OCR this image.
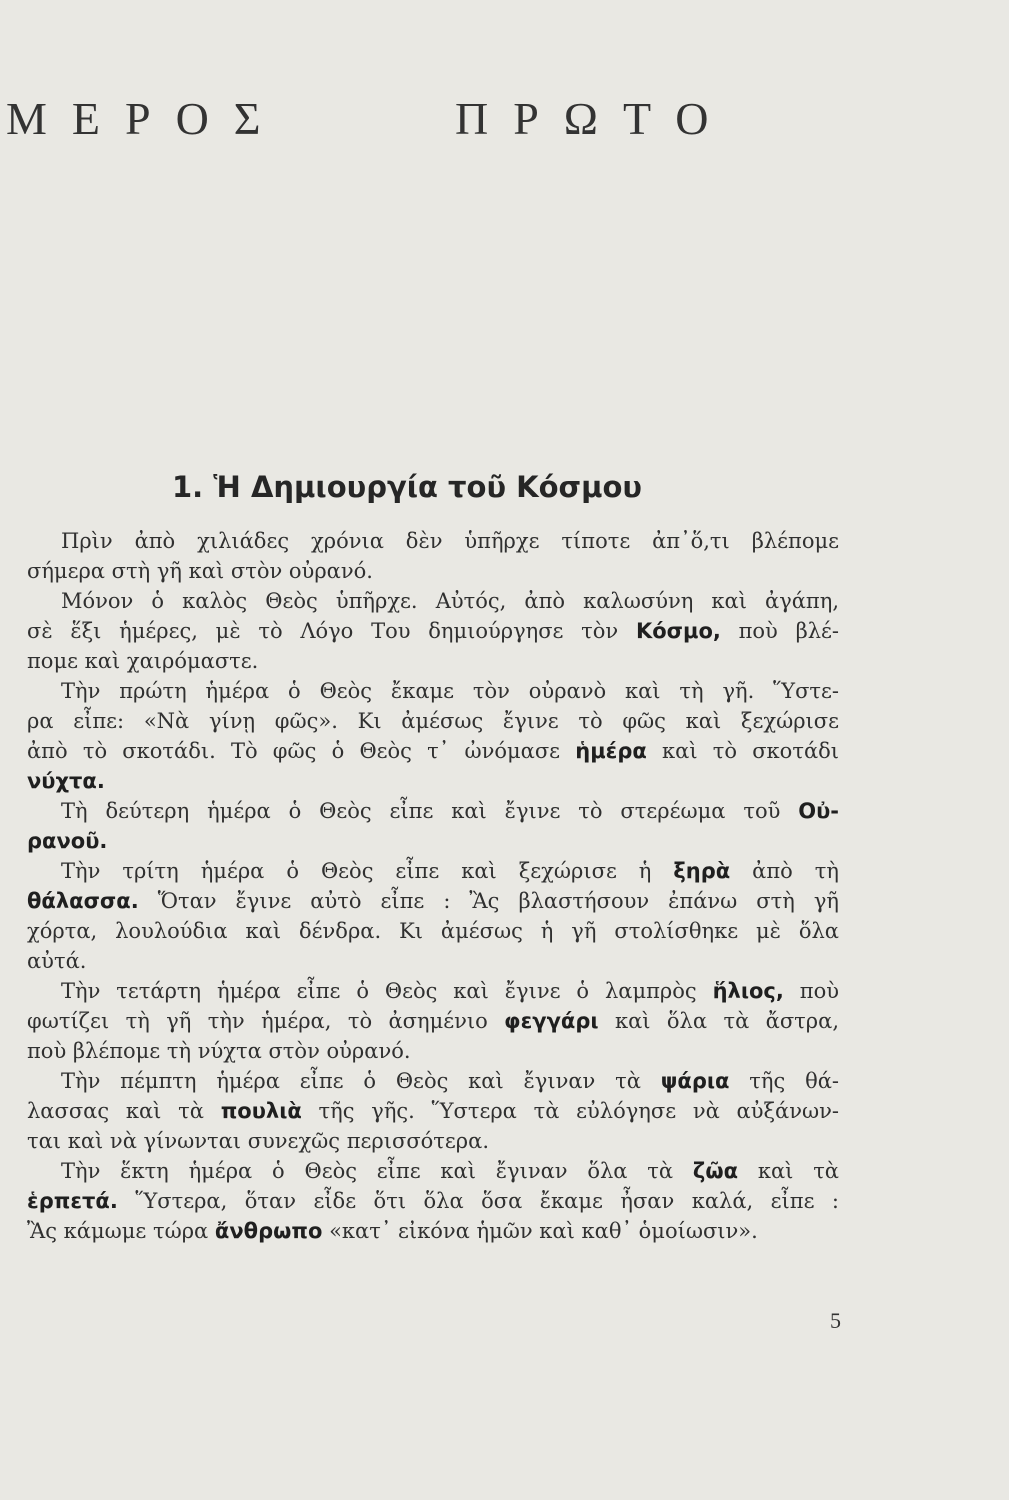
ΜΕΡΟΣ	ΠΡΩΤΟ
1. Ἡ Δημιουργία τοῦ Κόσμου
Πρὶν ἀπὸ χιλιάδες χρόνια δὲν ὑπῆρχε τίποτε ἀπ᾿ὅ,τι βλέπομε
σήμερα στὴ γῆ καὶ στὸν οὐρανό.
Μόνον ὁ καλὸς Θεὸς ὑπῆρχε. Αὐτός, ἀπὸ καλωσύνη καὶ ἀγάπη,
σὲ ἕξι ἡμέρες, μὲ τὸ Λόγο Του δημιούργησε τὸν Κόσμο, ποὺ βλέ-
πομε καὶ χαιρόμαστε.
Τὴν πρώτη ἡμέρα ὁ Θεὸς ἔκαμε τὸν οὐρανὸ καὶ τὴ γῆ. Ὕστε-
ρα εἶπε: «Νὰ γίνῃ φῶς». Κι ἀμέσως ἔγινε τὸ φῶς καὶ ξεχώρισε
ἀπὸ τὸ σκοτάδι. Τὸ φῶς ὁ Θεὸς τ᾿ ὠνόμασε ἡμέρα καὶ τὸ σκοτάδι
νύχτα.
Τὴ δεύτερη ἡμέρα ὁ Θεὸς εἶπε καὶ ἔγινε τὸ στερέωμα τοῦ Οὐ-
ρανοῦ.
Τὴν τρίτη ἡμέρα ὁ Θεὸς εἶπε καὶ ξεχώρισε ἡ ξηρὰ ἀπὸ τὴ
θάλασσα. Ὅταν ἔγινε αὐτὸ εἶπε : Ἂς βλαστήσουν ἐπάνω στὴ γῆ
χόρτα, λουλούδια καὶ δένδρα. Κι ἀμέσως ἡ γῆ στολίσθηκε μὲ ὅλα
αὐτά.
Τὴν τετάρτη ἡμέρα εἶπε ὁ Θεὸς καὶ ἔγινε ὁ λαμπρὸς ἥλιος, ποὺ
φωτίζει τὴ γῆ τὴν ἡμέρα, τὸ ἀσημένιο φεγγάρι καὶ ὅλα τὰ ἄστρα,
ποὺ βλέπομε τὴ νύχτα στὸν οὐρανό.
Τὴν πέμπτη ἡμέρα εἶπε ὁ Θεὸς καὶ ἔγιναν τὰ ψάρια τῆς θά-
λασσας καὶ τὰ πουλιὰ τῆς γῆς. Ὕστερα τὰ εὐλόγησε νὰ αὐξάνων-
ται καὶ νὰ γίνωνται συνεχῶς περισσότερα.
Τὴν ἕκτη ἡμέρα ὁ Θεὸς εἶπε καὶ ἔγιναν ὅλα τὰ ζῶα καὶ τὰ
ἑρπετά. Ὕστερα, ὅταν εἶδε ὅτι ὅλα ὅσα ἔκαμε ἦσαν καλά, εἶπε :
Ἂς κάμωμε τώρα ἄνθρωπο «κατ᾿ εἰκόνα ἡμῶν καὶ καθ᾿ ὁμοίωσιν».
5
